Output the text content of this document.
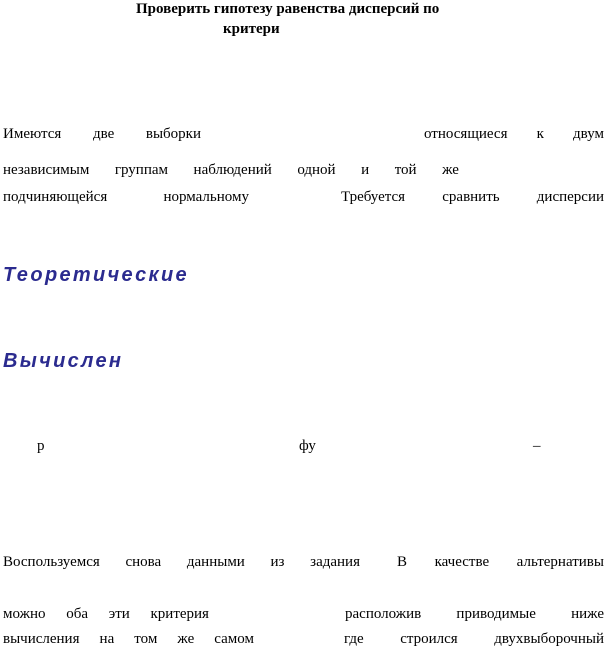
Проверить гипотезу равенства дисперсий по
критери
Имеются две выборки	относящиеся к двум
независимым группам наблюдений одной и той же
подчиняющейся	нормальному	Требуется сравнить дисперсии
Теоретические
Вычислен
р	фу	–
Воспользуемся снова данными из задания В качестве альтернативы
можно оба эти критерия	расположив приводимые ниже
вычисления на том же самом	где строился двухвыборочный
